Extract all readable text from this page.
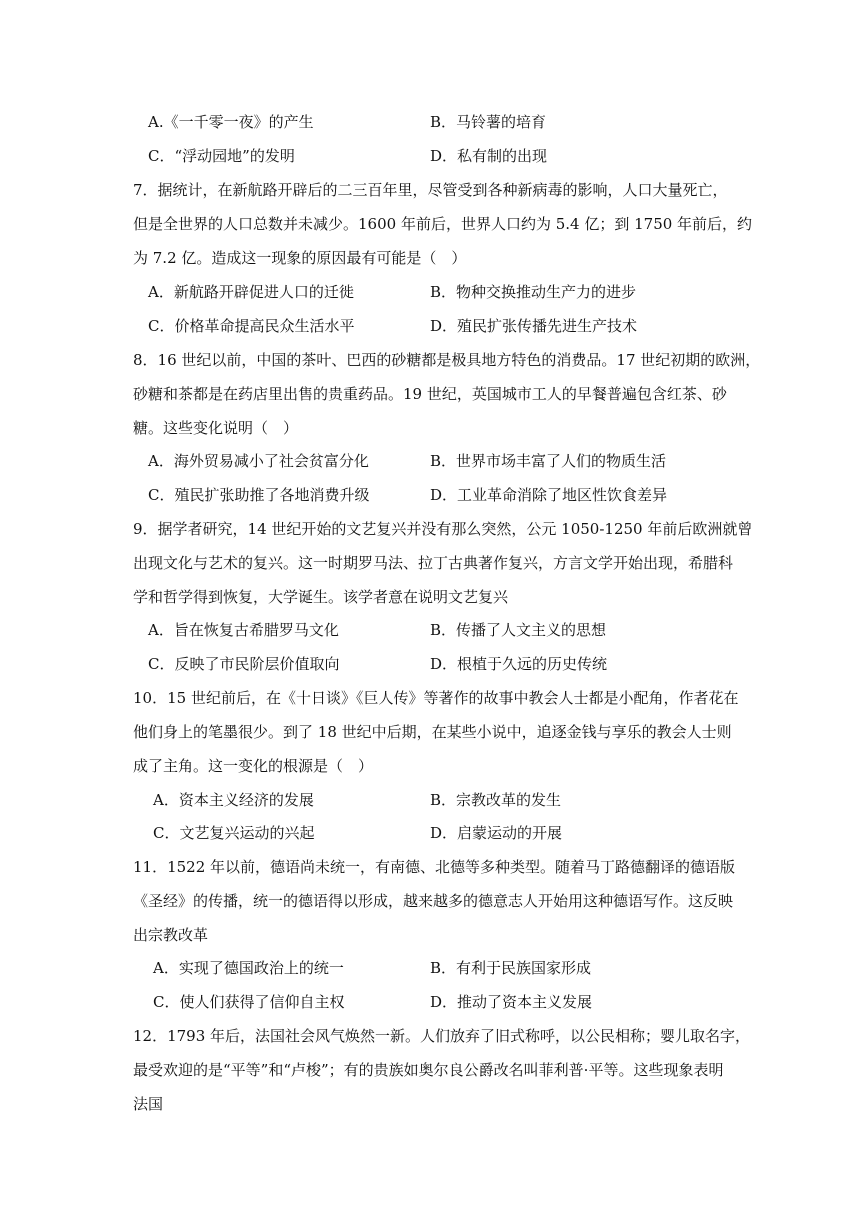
A.《一千零一夜》的产生	B．马铃薯的培育
C．“浮动园地”的发明	D．私有制的出现
7．据统计，在新航路开辟后的二三百年里，尽管受到各种新病毒的影响，人口大量死亡，
但是全世界的人口总数并未减少。1600 年前后，世界人口约为 5.4 亿；到 1750 年前后，约
为 7.2 亿。造成这一现象的原因最有可能是（　）
A．新航路开辟促进人口的迁徙	B．物种交换推动生产力的进步
C．价格革命提高民众生活水平	D．殖民扩张传播先进生产技术
8．16 世纪以前，中国的茶叶、巴西的砂糖都是极具地方特色的消费品。17 世纪初期的欧洲，
砂糖和茶都是在药店里出售的贵重药品。19 世纪，英国城市工人的早餐普遍包含红茶、砂
糖。这些变化说明（　）
A．海外贸易减小了社会贫富分化	B．世界市场丰富了人们的物质生活
C．殖民扩张助推了各地消费升级	D．工业革命消除了地区性饮食差异
9．据学者研究，14 世纪开始的文艺复兴并没有那么突然，公元 1050-1250 年前后欧洲就曾
出现文化与艺术的复兴。这一时期罗马法、拉丁古典著作复兴，方言文学开始出现，希腊科
学和哲学得到恢复，大学诞生。该学者意在说明文艺复兴
A．旨在恢复古希腊罗马文化	B．传播了人文主义的思想
C．反映了市民阶层价值取向	D．根植于久远的历史传统
10．15 世纪前后，在《十日谈》《巨人传》等著作的故事中教会人士都是小配角，作者花在
他们身上的笔墨很少。到了 18 世纪中后期，在某些小说中，追逐金钱与享乐的教会人士则
成了主角。这一变化的根源是（　）
A．资本主义经济的发展	B．宗教改革的发生
C．文艺复兴运动的兴起	D．启蒙运动的开展
11．1522 年以前，德语尚未统一，有南德、北德等多种类型。随着马丁路德翻译的德语版
《圣经》的传播，统一的德语得以形成，越来越多的德意志人开始用这种德语写作。这反映
出宗教改革
A．实现了德国政治上的统一	B．有利于民族国家形成
C．使人们获得了信仰自主权	D．推动了资本主义发展
12．1793 年后，法国社会风气焕然一新。人们放弃了旧式称呼，以公民相称；婴儿取名字，
最受欢迎的是“平等”和“卢梭”；有的贵族如奥尔良公爵改名叫菲利普·平等。这些现象表明
法国
